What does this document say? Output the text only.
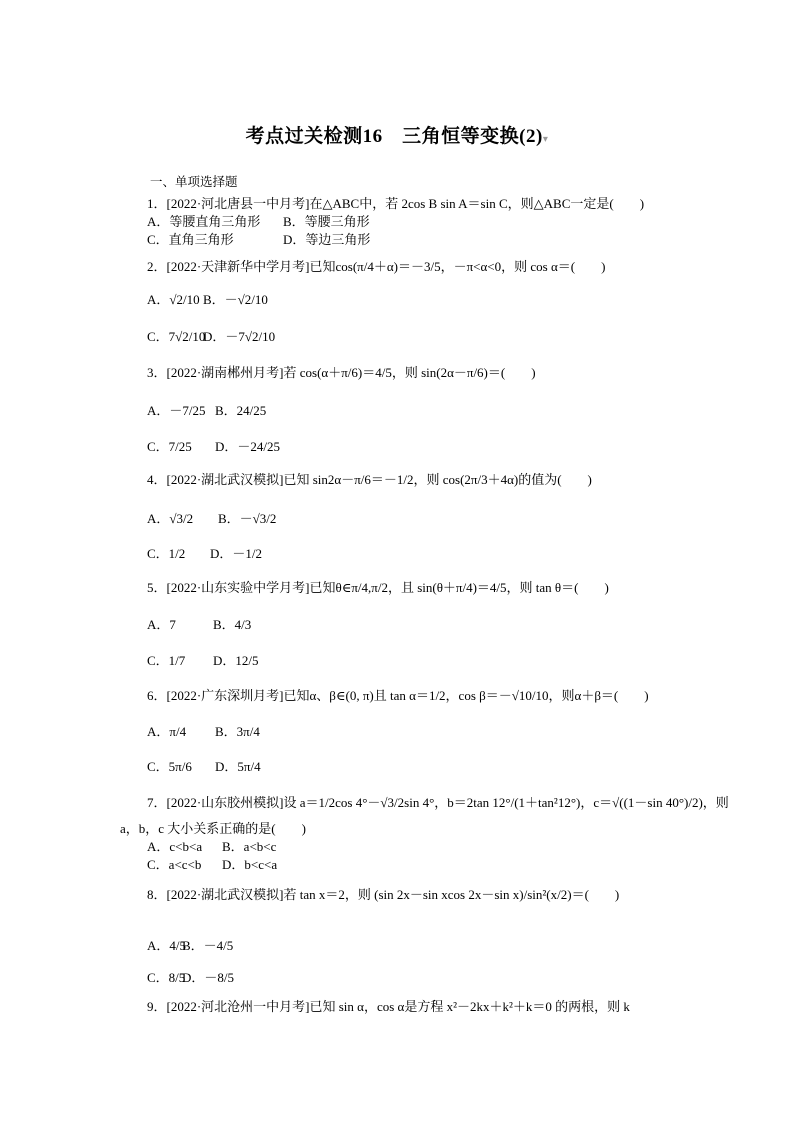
考点过关检测16　三角恒等变换(2)▾
一、单项选择题
1．[2022·河北唐县一中月考]在△ABC中，若 2cos B sin A＝sin C，则△ABC一定是(　　)
A．等腰直角三角形 B．等腰三角形
C．直角三角形	D．等边三角形
2．[2022·天津新华中学月考]已知cos(π/4＋α)＝－3/5，－π<α<0，则 cos α＝(　　)
A．√2/10 B．－√2/10
C．7√2/10
D．－7√2/10
3．[2022·湖南郴州月考]若 cos(α＋π/6)＝4/5，则 sin(2α－π/6)＝(　　)
A．－7/25 B．24/25
C．7/25 D．－24/25
4．[2022·湖北武汉模拟]已知 sin2α－π/6＝－1/2，则 cos(2π/3＋4α)的值为(　　)
A．√3/2 B．－√3/2
C．1/2 D．－1/2
5．[2022·山东实验中学月考]已知θ∈π/4,π/2，且 sin(θ＋π/4)＝4/5，则 tan θ＝(　　)
A．7	B．4/3
C．1/7 D．12/5
6．[2022·广东深圳月考]已知α、β∈(0, π)且 tan α＝1/2，cos β＝－√10/10，则α＋β＝(　　)
A．π/4 B．3π/4
C．5π/6 D．5π/4
7．[2022·山东胶州模拟]设 a＝1/2cos 4°－√3/2sin 4°，b＝2tan 12°/(1＋tan²12°)，c＝√((1－sin 40°)/2)，则
a，b，c 大小关系正确的是(　　)
A．c<b<a B．a<b<c
C．a<c<b D．b<c<a
8．[2022·湖北武汉模拟]若 tan x＝2，则 (sin 2x－sin xcos 2x－sin x)/sin²(x/2)＝(　　)
A．4/5
B．－4/5
C．8/5
D．－8/5
9．[2022·河北沧州一中月考]已知 sin α，cos α是方程 x²－2kx＋k²＋k＝0 的两根，则 k
